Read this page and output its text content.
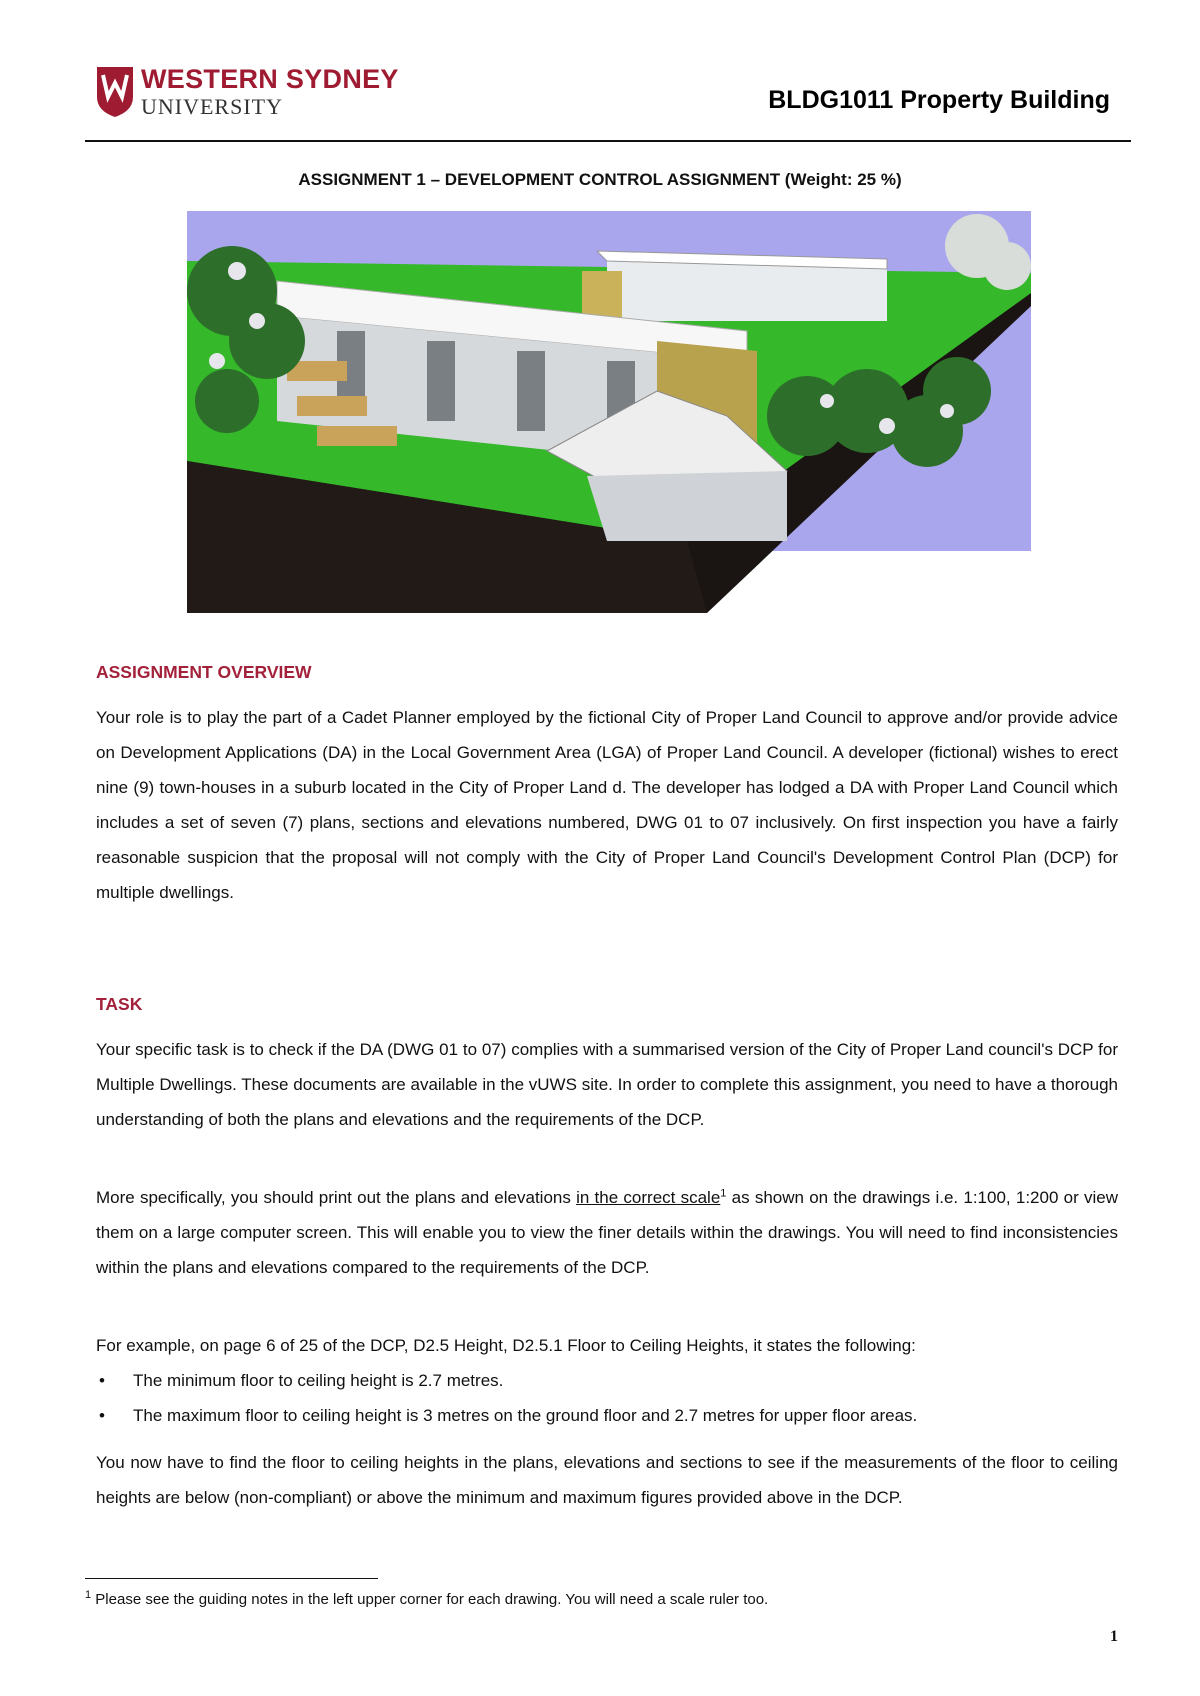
WESTERN SYDNEY
UNIVERSITY	BLDG1011 Property Building
ASSIGNMENT 1 – DEVELOPMENT CONTROL ASSIGNMENT (Weight: 25 %)
ASSIGNMENT OVERVIEW

Your role is to play the part of a Cadet Planner employed by the fictional City of Proper Land Council to approve and/or provide advice on Development Applications (DA) in the Local Government Area (LGA) of Proper Land Council. A developer (fictional) wishes to erect nine (9) town-houses in a suburb located in the City of Proper Land d. The developer has lodged a DA with Proper Land Council which includes a set of seven (7) plans, sections and elevations numbered, DWG 01 to 07 inclusively. On first inspection you have a fairly reasonable suspicion that the proposal will not comply with the City of Proper Land Council's Development Control Plan (DCP) for multiple dwellings.

TASK

Your specific task is to check if the DA (DWG 01 to 07) complies with a summarised version of the City of Proper Land council's DCP for Multiple Dwellings. These documents are available in the vUWS site. In order to complete this assignment, you need to have a thorough understanding of both the plans and elevations and the requirements of the DCP.

More specifically, you should print out the plans and elevations in the correct scale$^1$ as shown on the drawings i.e. 1:100, 1:200 or view them on a large computer screen. This will enable you to view the finer details within the drawings. You will need to find inconsistencies within the plans and elevations compared to the requirements of the DCP.

For example, on page 6 of 25 of the DCP, D2.5 Height, D2.5.1 Floor to Ceiling Heights, it states the following:

• The minimum floor to ceiling height is 2.7 metres.
• The maximum floor to ceiling height is 3 metres on the ground floor and 2.7 metres for upper floor areas.

You now have to find the floor to ceiling heights in the plans, elevations and sections to see if the measurements of the floor to ceiling heights are below (non-compliant) or above the minimum and maximum figures provided above in the DCP.

$^1$ Please see the guiding notes in the left upper corner for each drawing. You will need a scale ruler too.
1
